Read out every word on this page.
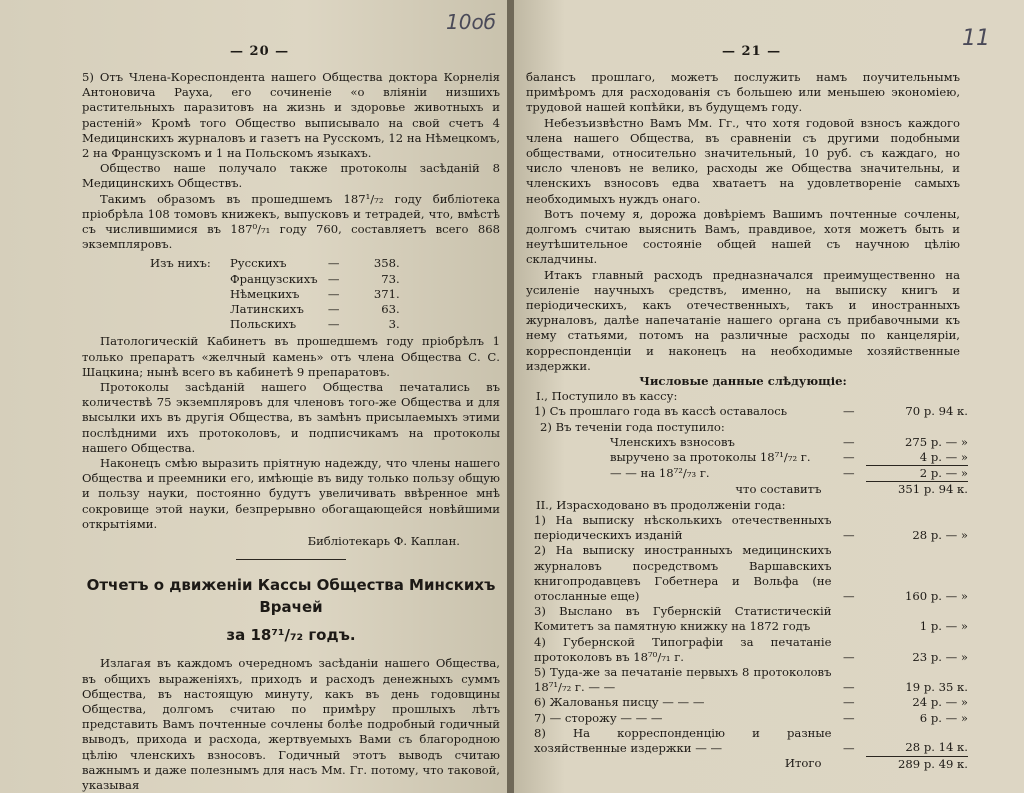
10об
— 20 —

5) Отъ Члена-Кореспондента нашего Общества доктора Корнелія Антоновича Рауха, его сочиненіе «о вліяніи низшихъ растительныхъ паразитовъ на жизнь и здоровье животныхъ и растеній» Кромѣ того Общество выписывало на свой счетъ 4 Медицинскихъ журналовъ и газетъ на Русскомъ, 12 на Нѣмецкомъ, 2 на Французскомъ и 1 на Польскомъ языкахъ.

Общество наше получало также протоколы засѣданій 8 Медицинскихъ Обществъ.

Такимъ образомъ въ прошедшемъ 187¹/₇₂ году библіотека пріобрѣла 108 томовъ книжекъ, выпусковъ и тетрадей, что, вмѣстѣ съ числившимися въ 187⁰/₇₁ году 760, составляетъ всего 868 экземпляровъ.

Изъ нихъ:	Русскихъ	—	358.
	Французскихъ	—	73.
	Нѣмецкихъ	—	371.
	Латинскихъ	—	63.
	Польскихъ	—	3.

Патологическій Кабинетъ въ прошедшемъ году пріобрѣлъ 1 только препаратъ «желчный камень» отъ члена Общества С. С. Шацкина; нынѣ всего въ кабинетѣ 9 препаратовъ.

Протоколы засѣданій нашего Общества печатались въ количествѣ 75 экземпляровъ для членовъ того-же Общества и для высылки ихъ въ другія Общества, въ замѣнъ присылаемыхъ этими послѣдними ихъ протоколовъ, и подписчикамъ на протоколы нашего Общества.

Наконецъ смѣю выразить пріятную надежду, что члены нашего Общества и преемники его, имѣющіе въ виду только пользу общую и пользу науки, постоянно будутъ увеличивать ввѣренное мнѣ сокровище этой науки, безпрерывно обогащающейся новѣйшими открытіями.

Библіотекарь Ф. Каплан.
Отчетъ о движеніи Кассы Общества Минскихъ Врачей
за 18⁷¹/₇₂ годъ.

Излагая въ каждомъ очередномъ засѣданіи нашего Общества, въ общихъ выраженіяхъ, приходъ и расходъ денежныхъ суммъ Общества, въ настоящую минуту, какъ въ день годовщины Общества, долгомъ считаю по примѣру прошлыхъ лѣтъ представить Вамъ почтенные сочлены болѣе подробный годичный выводъ, прихода и расхода, жертвуемыхъ Вами съ благородною цѣлію членскихъ взносовъ. Годичный этотъ выводъ считаю важнымъ и даже полезнымъ для насъ Мм. Гг. потому, что таковой, указывая

11
— 21 —

балансъ прошлаго, можетъ послужить намъ поучительнымъ примѣромъ для расходованія съ большею или меньшею экономіею, трудовой нашей копѣйки, въ будущемъ году.

Небезъизвѣстно Вамъ Мм. Гг., что хотя годовой взносъ каждого члена нашего Общества, въ сравненіи съ другими подобными обществами, относительно значительный, 10 руб. съ каждаго, но число членовъ не велико, расходы же Общества значительны, и членскихъ взносовъ едва хватаетъ на удовлетвореніе самыхъ необходимыхъ нуждъ онаго.

Вотъ почему я, дорожа довѣріемъ Вашимъ почтенные сочлены, долгомъ считаю выяснить Вамъ, правдивое, хотя можетъ быть и неутѣшительное состояніе общей нашей съ научною цѣлію складчины.

Итакъ главный расходъ предназначался преимущественно на усиленіе научныхъ средствъ, именно, на выписку книгъ и періодическихъ, какъ отечественныхъ, такъ и иностранныхъ журналовъ, далѣе напечатаніе нашего органа съ прибавочными къ нему статьями, потомъ на различные расходы по канцеляріи, корреспонденціи и наконецъ на необходимые хозяйственные издержки.

Числовые данные слѣдующіе:
I., Поступило въ кассу:
1) Съ прошлаго года въ кассѣ оставалось	—	70 р. 94 к.
2) Въ теченіи года поступило:		
Членскихъ взносовъ	—	275 р. — »
выручено за протоколы 18⁷¹/₇₂ г.	—	4 р. — »
— — на 18⁷²/₇₃ г.	—	2 р. — »
что составитъ		351 р. 94 к.
II., Израсходовано въ продолженіи года:
1) На выписку нѣсколькихъ отечественныхъ періодическихъ изданій	—	28 р. — »
2) На выписку иностранныхъ медицинскихъ журналовъ посредствомъ Варшавскихъ книгопродавцевъ Гобетнера и Вольфа (не отосланные еще)	—	160 р. — »
3) Выслано въ Губернскій Статистическій Комитетъ за памятную книжку на 1872 годъ		1 р. — »
4) Губернской Типографіи за печатаніе протоколовъ въ 18⁷⁰/₇₁ г.	—	23 р. — »
5) Туда-же за печатаніе первыхъ 8 протоколовъ 18⁷¹/₇₂ г. — —	—	19 р. 35 к.
6) Жалованья писцу — — —	—	24 р. — »
7) — сторожу — — —	—	6 р. — »
8) На корреспонденцію и разные хозяйственные издержки — —	—	28 р. 14 к.
Итого		289 р. 49 к.
